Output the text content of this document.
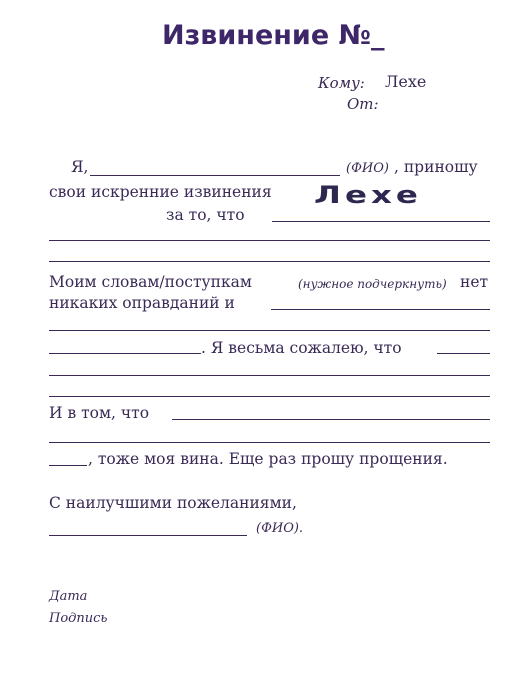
Извинение №_
Кому: Лехе
От:
Я,	(ФИО) , приношу
свои искренние извинения Лехе
за то, что
Моим словам/поступкам	(нужное подчеркнуть) нет
никаких оправданий и
. Я весьма сожалею, что
И в том, что
, тоже моя вина. Еще раз прошу прощения.
С наилучшими пожеланиями,
(ФИО).
Дата
Подпись
